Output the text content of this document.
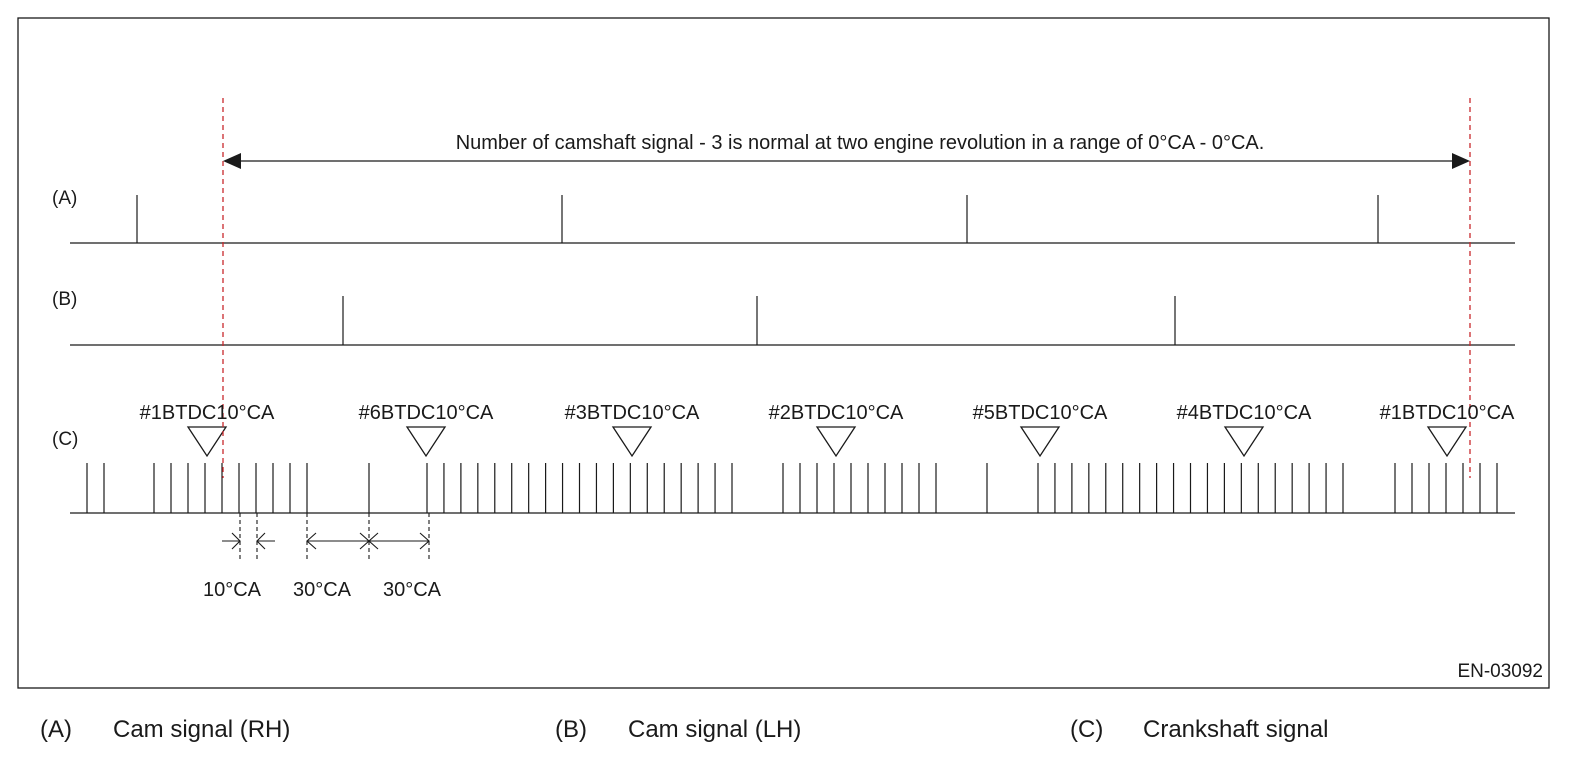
Number of camshaft signal - 3 is normal at two engine revolution in a range of 0°CA - 0°CA.
(A)
(B)
(C)
#1BTDC10°CA	#6BTDC10°CA	#3BTDC10°CA	#2BTDC10°CA	#5BTDC10°CA	#4BTDC10°CA	#1BTDC10°CA
10°CA 30°CA 30°CA
EN-03092
(A) Cam signal (RH)	(B) Cam signal (LH)	(C) Crankshaft signal
